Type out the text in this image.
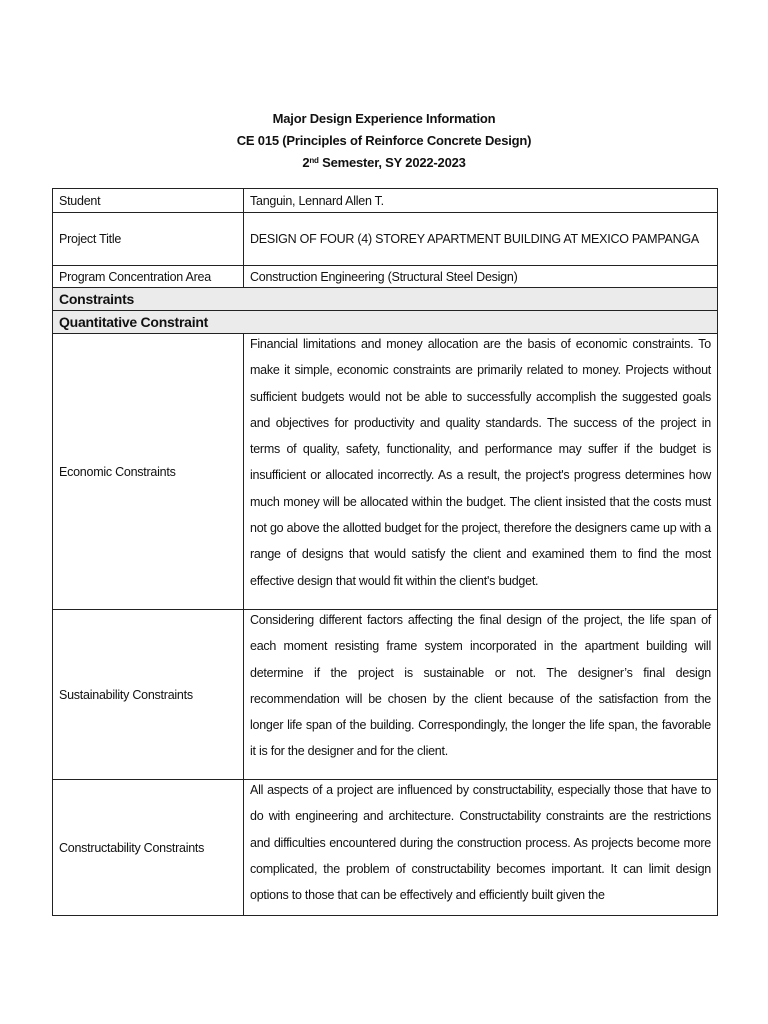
Major Design Experience Information
CE 015 (Principles of Reinforce Concrete Design)
2nd Semester, SY 2022-2023
Student	Tanguin, Lennard Allen T.
Project Title	DESIGN OF FOUR (4) STOREY APARTMENT BUILDING AT MEXICO PAMPANGA
Program Concentration Area	Construction Engineering (Structural Steel Design)
Constraints	
Quantitative Constraint	
Economic Constraints	Financial limitations and money allocation are the basis of economic constraints. To make it simple, economic constraints are primarily related to money. Projects without sufficient budgets would not be able to successfully accomplish the suggested goals and objectives for productivity and quality standards. The success of the project in terms of quality, safety, functionality, and performance may suffer if the budget is insufficient or allocated incorrectly. As a result, the project's progress determines how much money will be allocated within the budget. The client insisted that the costs must not go above the allotted budget for the project, therefore the designers came up with a range of designs that would satisfy the client and examined them to find the most effective design that would fit within the client's budget.

Sustainability Constraints	Considering different factors affecting the final design of the project, the life span of each moment resisting frame system incorporated in the apartment building will determine if the project is sustainable or not. The designer’s final design recommendation will be chosen by the client because of the satisfaction from the longer life span of the building. Correspondingly, the longer the life span, the favorable it is for the designer and for the client.

Constructability Constraints	All aspects of a project are influenced by constructability, especially those that have to do with engineering and architecture. Constructability constraints are the restrictions and difficulties encountered during the construction process. As projects become more complicated, the problem of constructability becomes important. It can limit design options to those that can be effectively and efficiently built given the
